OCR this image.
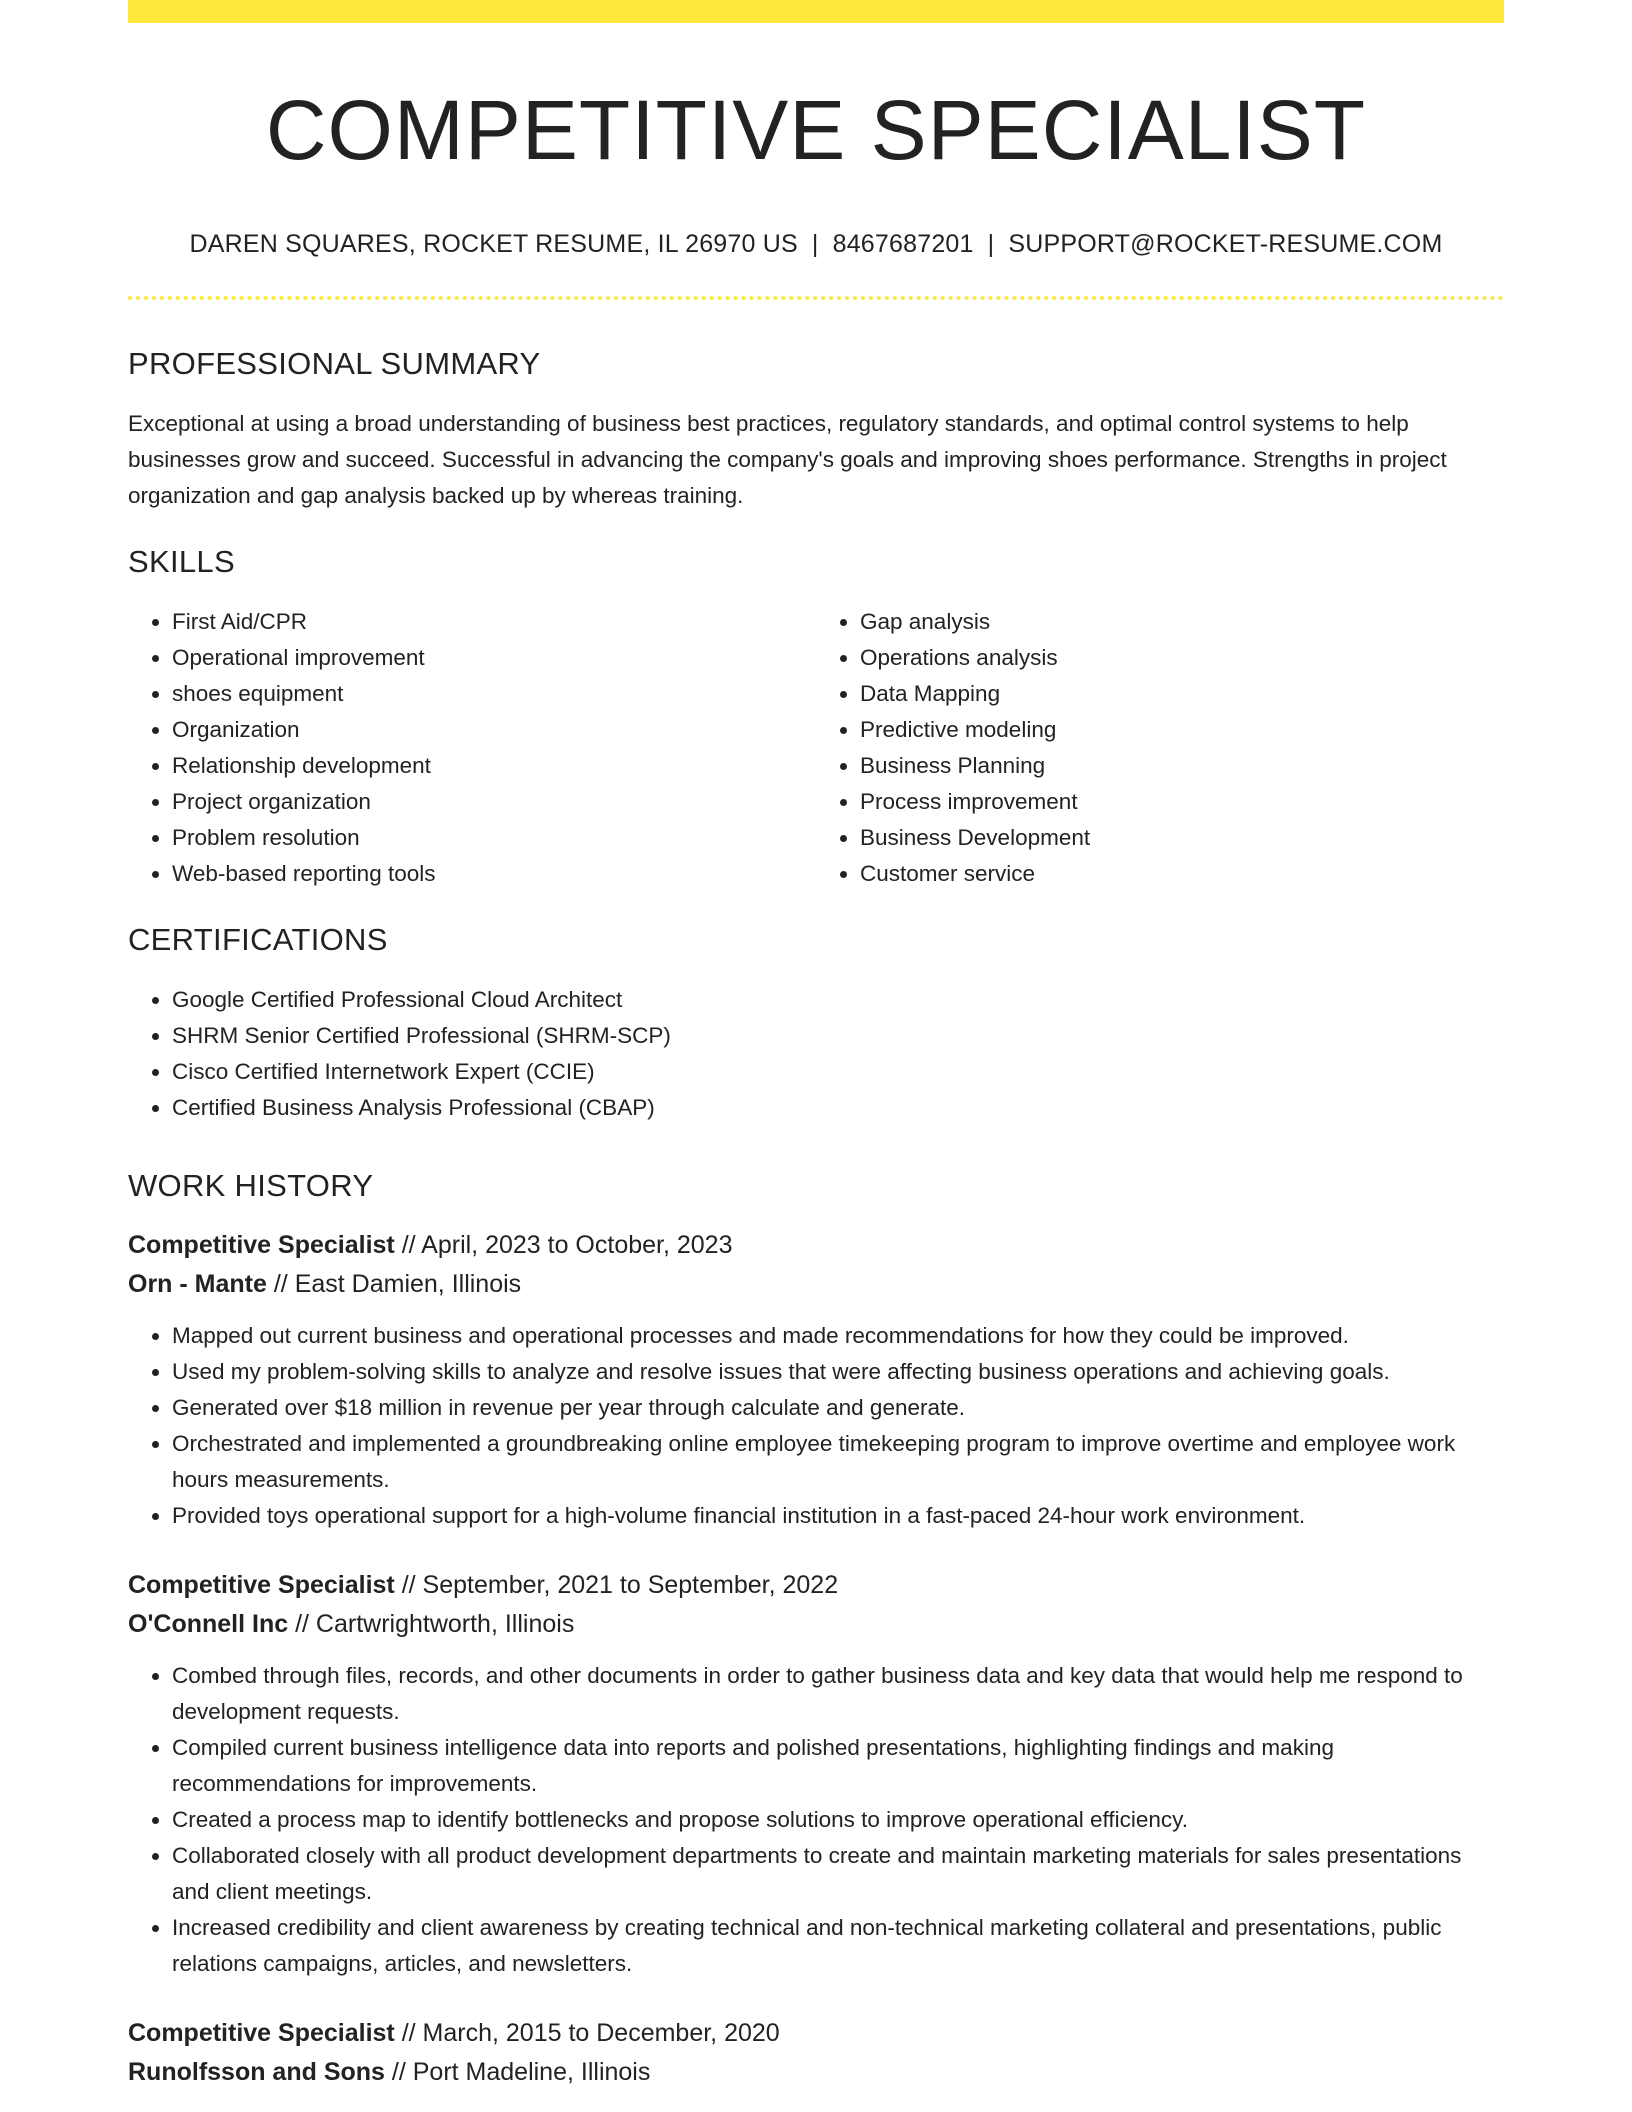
COMPETITIVE SPECIALIST
DAREN SQUARES, ROCKET RESUME, IL 26970 US | 8467687201 | SUPPORT@ROCKET-RESUME.COM
PROFESSIONAL SUMMARY

Exceptional at using a broad understanding of business best practices, regulatory standards, and optimal control systems to help businesses grow and succeed. Successful in advancing the company's goals and improving shoes performance. Strengths in project organization and gap analysis backed up by whereas training.

SKILLS
• First Aid/CPR
• Operational improvement
• shoes equipment
• Organization
• Relationship development
• Project organization
• Problem resolution
• Web-based reporting tools
• Gap analysis
• Operations analysis
• Data Mapping
• Predictive modeling
• Business Planning
• Process improvement
• Business Development
• Customer service
CERTIFICATIONS
• Google Certified Professional Cloud Architect
• SHRM Senior Certified Professional (SHRM-SCP)
• Cisco Certified Internetwork Expert (CCIE)
• Certified Business Analysis Professional (CBAP)
WORK HISTORY
Competitive Specialist // April, 2023 to October, 2023
Orn - Mante // East Damien, Illinois
• Mapped out current business and operational processes and made recommendations for how they could be improved.
• Used my problem-solving skills to analyze and resolve issues that were affecting business operations and achieving goals.
• Generated over $18 million in revenue per year through calculate and generate.
• Orchestrated and implemented a groundbreaking online employee timekeeping program to improve overtime and employee work hours measurements.
• Provided toys operational support for a high-volume financial institution in a fast-paced 24-hour work environment.
Competitive Specialist // September, 2021 to September, 2022
O'Connell Inc // Cartwrightworth, Illinois
• Combed through files, records, and other documents in order to gather business data and key data that would help me respond to development requests.
• Compiled current business intelligence data into reports and polished presentations, highlighting findings and making recommendations for improvements.
• Created a process map to identify bottlenecks and propose solutions to improve operational efficiency.
• Collaborated closely with all product development departments to create and maintain marketing materials for sales presentations and client meetings.
• Increased credibility and client awareness by creating technical and non-technical marketing collateral and presentations, public relations campaigns, articles, and newsletters.
Competitive Specialist // March, 2015 to December, 2020
Runolfsson and Sons // Port Madeline, Illinois
